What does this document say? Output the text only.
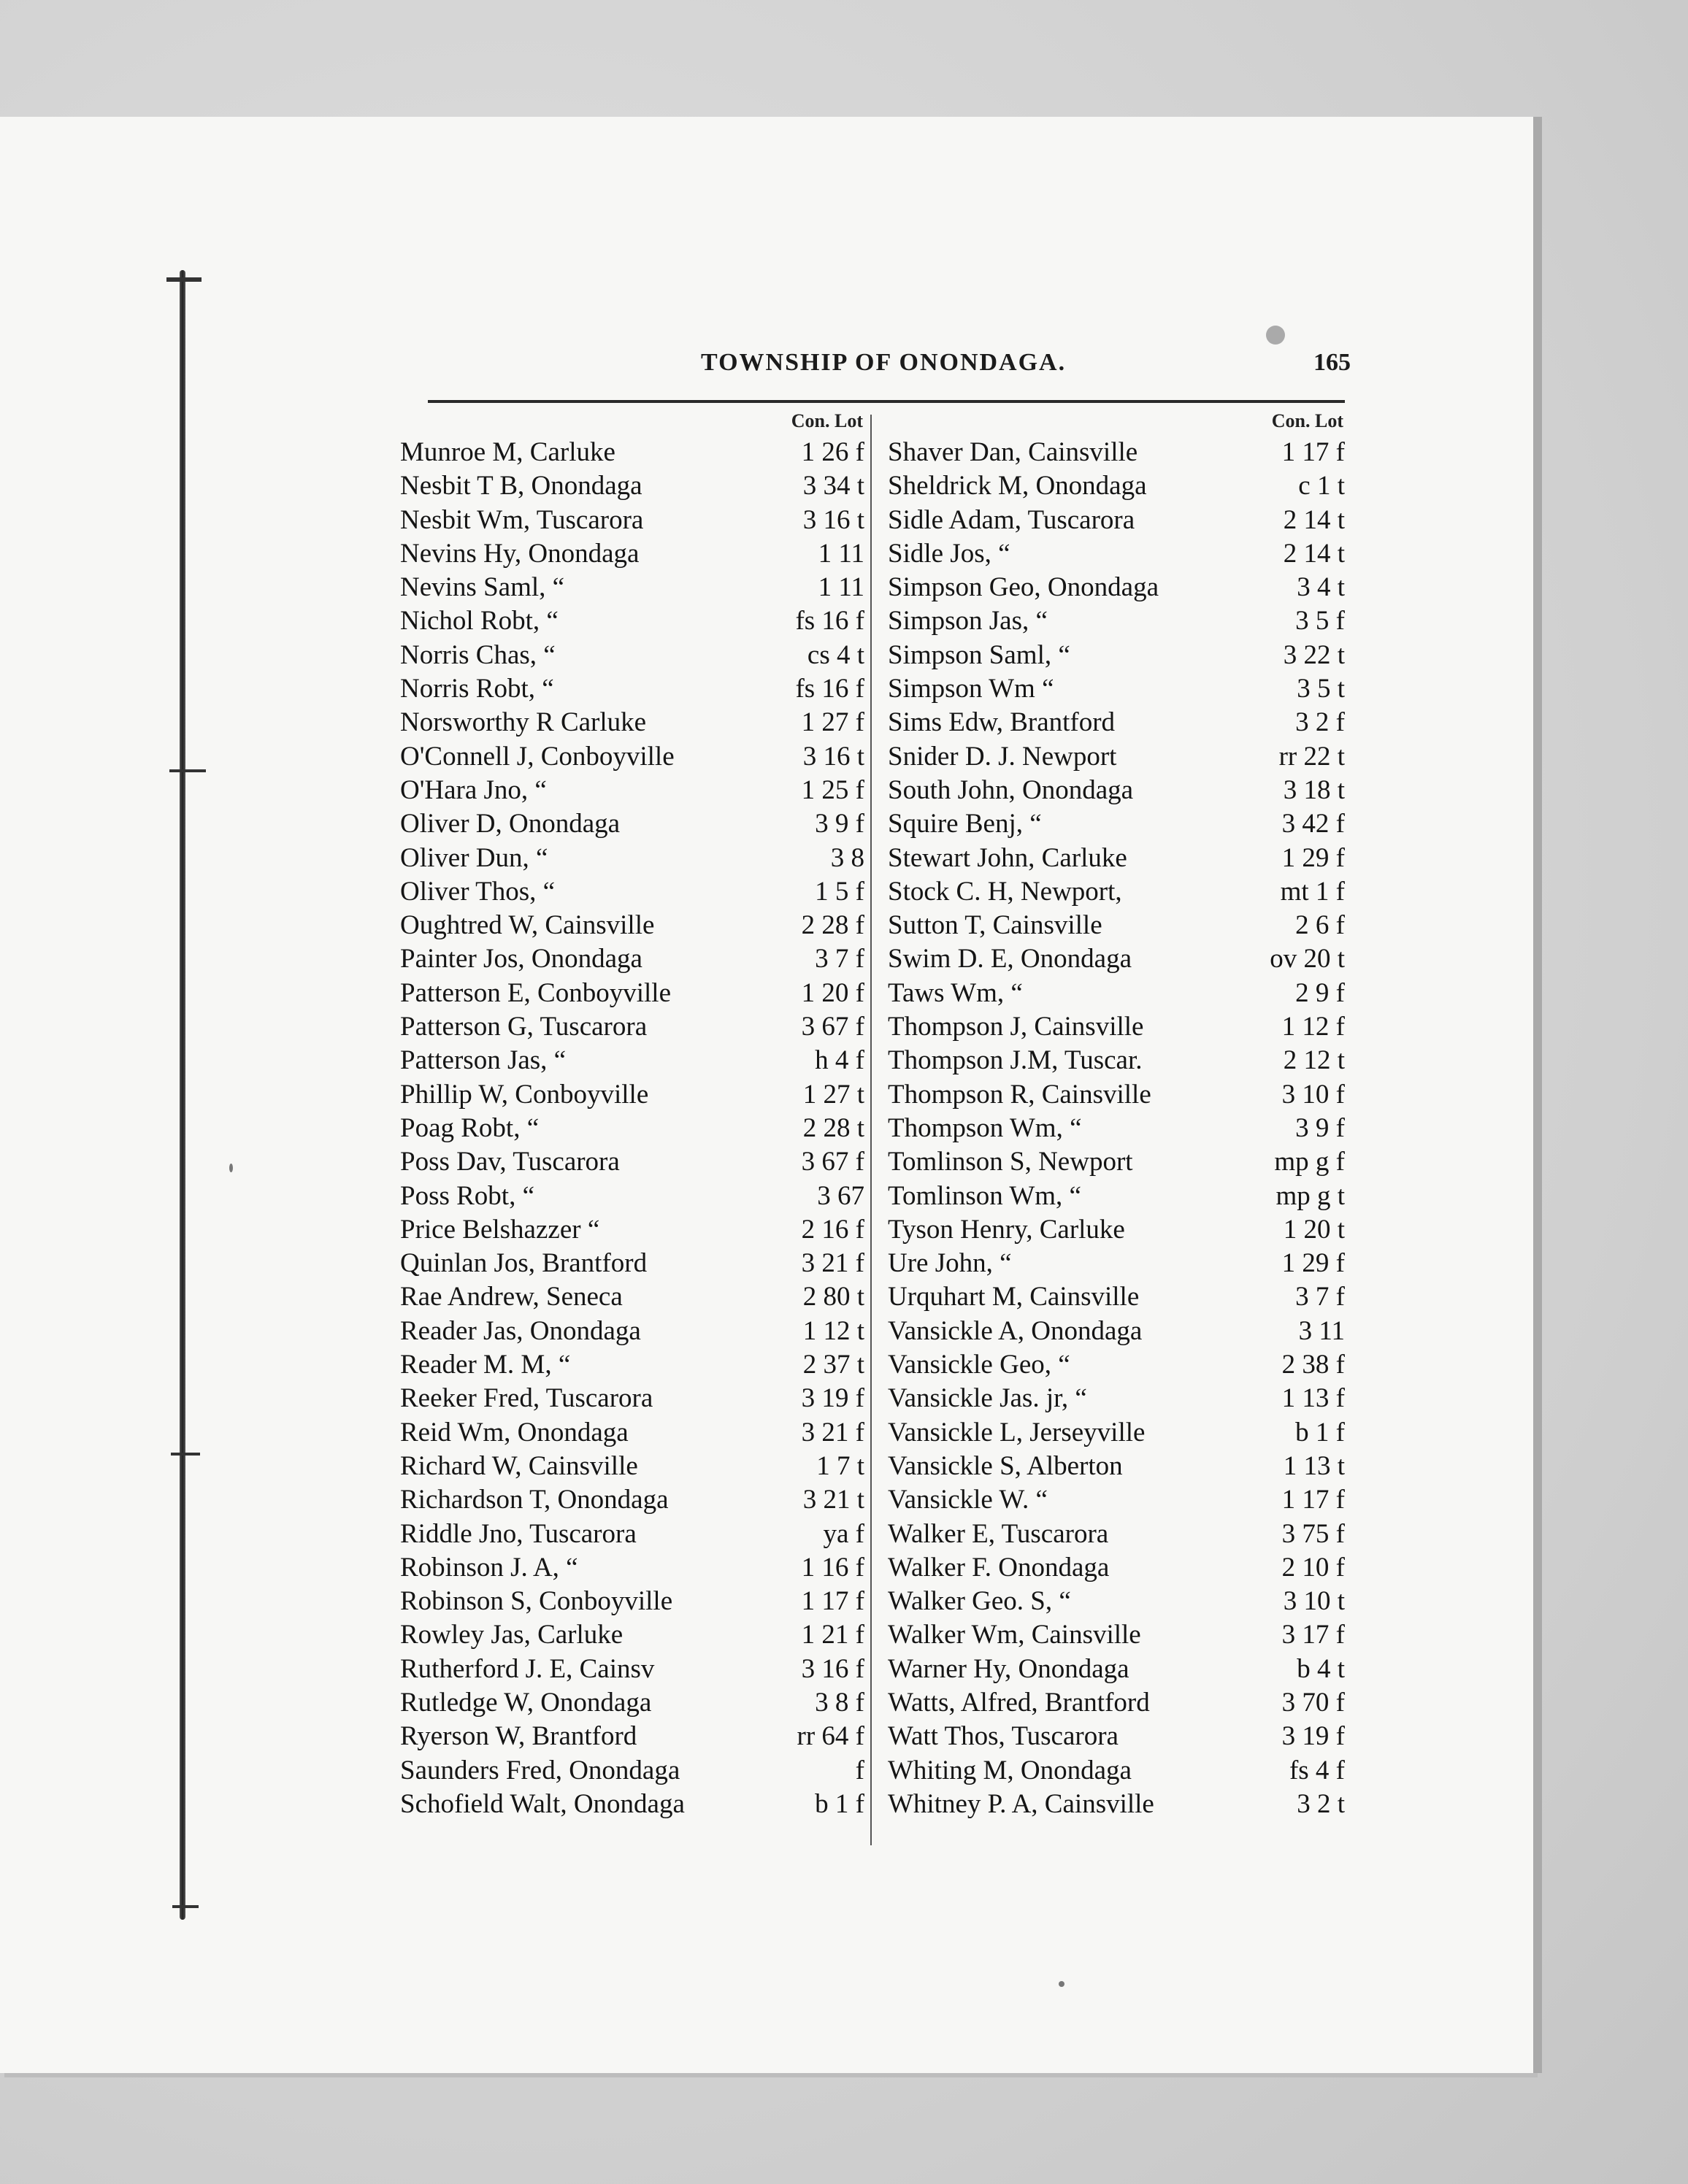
TOWNSHIP OF ONONDAGA.	165
Con. Lot
Munroe M, Carluke	1 26 f
Nesbit T B, Onondaga	3 34 t
Nesbit Wm, Tuscarora	3 16 t
Nevins Hy, Onondaga	1 11
Nevins Saml, “	1 11
Nichol Robt, “	fs 16 f
Norris Chas, “	cs 4 t
Norris Robt, “	fs 16 f
Norsworthy R Carluke	1 27 f
O'Connell J, Conboyville	3 16 t
O'Hara Jno, “	1 25 f
Oliver D, Onondaga	3 9 f
Oliver Dun, “	3 8
Oliver Thos, “	1 5 f
Oughtred W, Cainsville	2 28 f
Painter Jos, Onondaga	3 7 f
Patterson E, Conboyville	1 20 f
Patterson G, Tuscarora	3 67 f
Patterson Jas, “	h 4 f
Phillip W, Conboyville	1 27 t
Poag Robt, “	2 28 t
Poss Dav, Tuscarora	3 67 f
Poss Robt, “	3 67
Price Belshazzer “	2 16 f
Quinlan Jos, Brantford	3 21 f
Rae Andrew, Seneca	2 80 t
Reader Jas, Onondaga	1 12 t
Reader M. M, “	2 37 t
Reeker Fred, Tuscarora	3 19 f
Reid Wm, Onondaga	3 21 f
Richard W, Cainsville	1 7 t
Richardson T, Onondaga	3 21 t
Riddle Jno, Tuscarora	ya f
Robinson J. A, “	1 16 f
Robinson S, Conboyville	1 17 f
Rowley Jas, Carluke	1 21 f
Rutherford J. E, Cainsv	3 16 f
Rutledge W, Onondaga	3 8 f
Ryerson W, Brantford	rr 64 f
Saunders Fred, Onondaga	f
Schofield Walt, Onondaga	b 1 f
Con. Lot
Shaver Dan, Cainsville	1 17 f
Sheldrick M, Onondaga	c 1 t
Sidle Adam, Tuscarora	2 14 t
Sidle Jos, “	2 14 t
Simpson Geo, Onondaga	3 4 t
Simpson Jas, “	3 5 f
Simpson Saml, “	3 22 t
Simpson Wm “	3 5 t
Sims Edw, Brantford	3 2 f
Snider D. J. Newport	rr 22 t
South John, Onondaga	3 18 t
Squire Benj, “	3 42 f
Stewart John, Carluke	1 29 f
Stock C. H, Newport,	mt 1 f
Sutton T, Cainsville	2 6 f
Swim D. E, Onondaga	ov 20 t
Taws Wm, “	2 9 f
Thompson J, Cainsville	1 12 f
Thompson J.M, Tuscar.	2 12 t
Thompson R, Cainsville	3 10 f
Thompson Wm, “	3 9 f
Tomlinson S, Newport	mp g f
Tomlinson Wm, “	mp g t
Tyson Henry, Carluke	1 20 t
Ure John, “	1 29 f
Urquhart M, Cainsville	3 7 f
Vansickle A, Onondaga	3 11
Vansickle Geo, “	2 38 f
Vansickle Jas. jr, “	1 13 f
Vansickle L, Jerseyville	b 1 f
Vansickle S, Alberton	1 13 t
Vansickle W. “	1 17 f
Walker E, Tuscarora	3 75 f
Walker F. Onondaga	2 10 f
Walker Geo. S, “	3 10 t
Walker Wm, Cainsville	3 17 f
Warner Hy, Onondaga	b 4 t
Watts, Alfred, Brantford	3 70 f
Watt Thos, Tuscarora	3 19 f
Whiting M, Onondaga	fs 4 f
Whitney P. A, Cainsville	3 2 t
